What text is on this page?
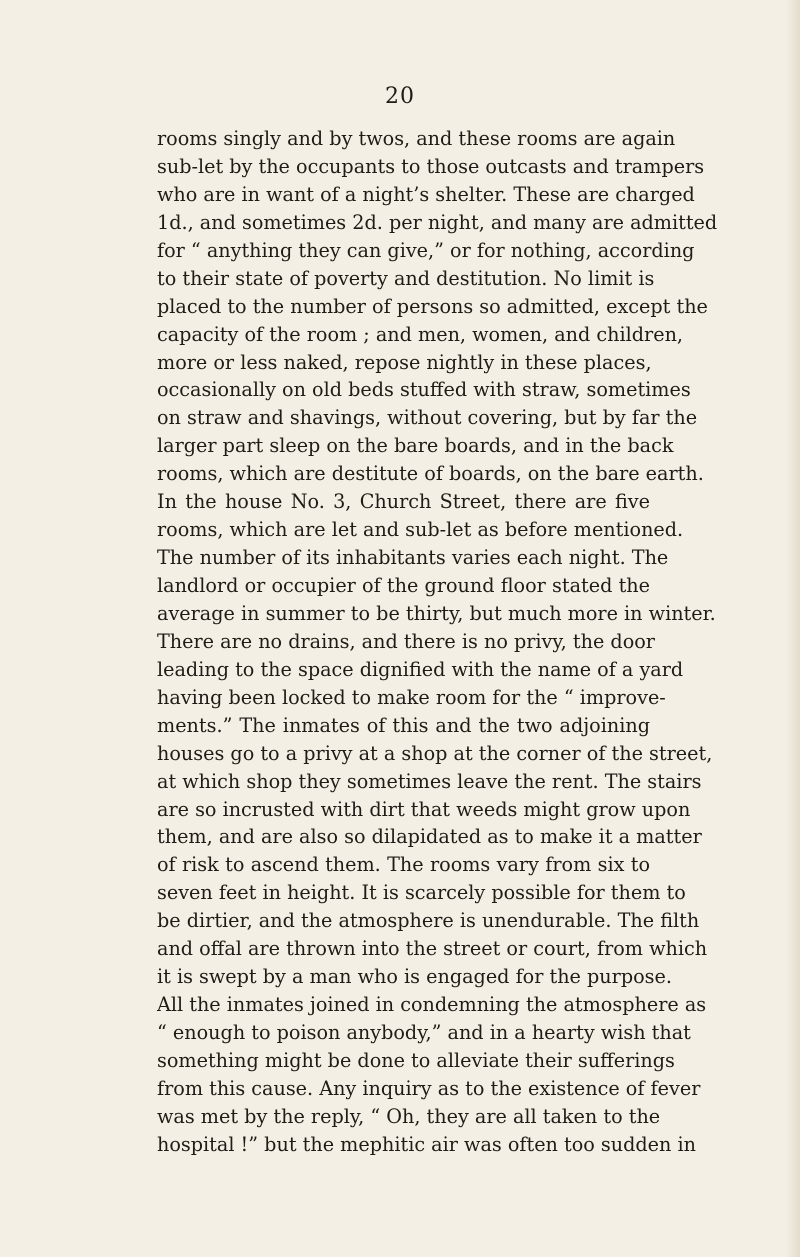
20
rooms singly and by twos, and these rooms are again
sub-let by the occupants to those outcasts and trampers
who are in want of a night’s shelter. These are charged
1d., and sometimes 2d. per night, and many are admitted
for “ anything they can give,” or for nothing, according
to their state of poverty and destitution. No limit is
placed to the number of persons so admitted, except the
capacity of the room ; and men, women, and children,
more or less naked, repose nightly in these places,
occasionally on old beds stuffed with straw, sometimes
on straw and shavings, without covering, but by far the
larger part sleep on the bare boards, and in the back
rooms, which are destitute of boards, on the bare earth.
In the house No. 3, Church Street, there are five
rooms, which are let and sub-let as before mentioned.
The number of its inhabitants varies each night. The
landlord or occupier of the ground floor stated the
average in summer to be thirty, but much more in winter.
There are no drains, and there is no privy, the door
leading to the space dignified with the name of a yard
having been locked to make room for the “ improve-
ments.” The inmates of this and the two adjoining
houses go to a privy at a shop at the corner of the street,
at which shop they sometimes leave the rent. The stairs
are so incrusted with dirt that weeds might grow upon
them, and are also so dilapidated as to make it a matter
of risk to ascend them. The rooms vary from six to
seven feet in height. It is scarcely possible for them to
be dirtier, and the atmosphere is unendurable. The filth
and offal are thrown into the street or court, from which
it is swept by a man who is engaged for the purpose.
All the inmates joined in condemning the atmosphere as
“ enough to poison anybody,” and in a hearty wish that
something might be done to alleviate their sufferings
from this cause. Any inquiry as to the existence of fever
was met by the reply, “ Oh, they are all taken to the
hospital !” but the mephitic air was often too sudden in
